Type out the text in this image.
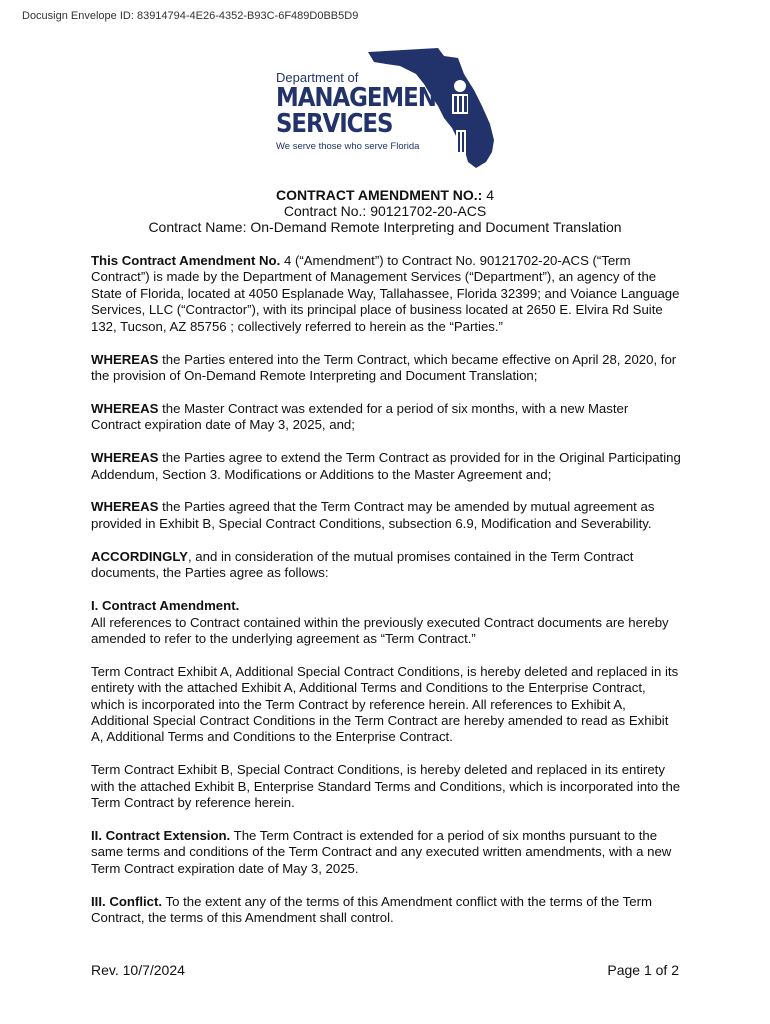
Docusign Envelope ID: 83914794-4E26-4352-B93C-6F489D0BB5D9
Department of
MANAGEMENT
SERVICES
We serve those who serve Florida
CONTRACT AMENDMENT NO.: 4
Contract No.: 90121702-20-ACS
Contract Name: On-Demand Remote Interpreting and Document Translation

This Contract Amendment No. 4 (“Amendment”) to Contract No. 90121702-20-ACS (“Term Contract”) is made by the Department of Management Services (“Department”), an agency of the State of Florida, located at 4050 Esplanade Way, Tallahassee, Florida 32399; and Voiance Language Services, LLC (“Contractor”), with its principal place of business located at 2650 E. Elvira Rd Suite 132, Tucson, AZ 85756 ; collectively referred to herein as the “Parties.”

WHEREAS the Parties entered into the Term Contract, which became effective on April 28, 2020, for the provision of On-Demand Remote Interpreting and Document Translation;

WHEREAS the Master Contract was extended for a period of six months, with a new Master Contract expiration date of May 3, 2025, and;

WHEREAS the Parties agree to extend the Term Contract as provided for in the Original Participating Addendum, Section 3. Modifications or Additions to the Master Agreement and;

WHEREAS the Parties agreed that the Term Contract may be amended by mutual agreement as provided in Exhibit B, Special Contract Conditions, subsection 6.9, Modification and Severability.

ACCORDINGLY, and in consideration of the mutual promises contained in the Term Contract documents, the Parties agree as follows:

I. Contract Amendment.
All references to Contract contained within the previously executed Contract documents are hereby amended to refer to the underlying agreement as “Term Contract.”

Term Contract Exhibit A, Additional Special Contract Conditions, is hereby deleted and replaced in its entirety with the attached Exhibit A, Additional Terms and Conditions to the Enterprise Contract, which is incorporated into the Term Contract by reference herein. All references to Exhibit A, Additional Special Contract Conditions in the Term Contract are hereby amended to read as Exhibit A, Additional Terms and Conditions to the Enterprise Contract.

Term Contract Exhibit B, Special Contract Conditions, is hereby deleted and replaced in its entirety with the attached Exhibit B, Enterprise Standard Terms and Conditions, which is incorporated into the Term Contract by reference herein.

II. Contract Extension. The Term Contract is extended for a period of six months pursuant to the same terms and conditions of the Term Contract and any executed written amendments, with a new Term Contract expiration date of May 3, 2025.

III. Conflict. To the extent any of the terms of this Amendment conflict with the terms of the Term Contract, the terms of this Amendment shall control.

Rev. 10/7/2024	Page 1 of 2
